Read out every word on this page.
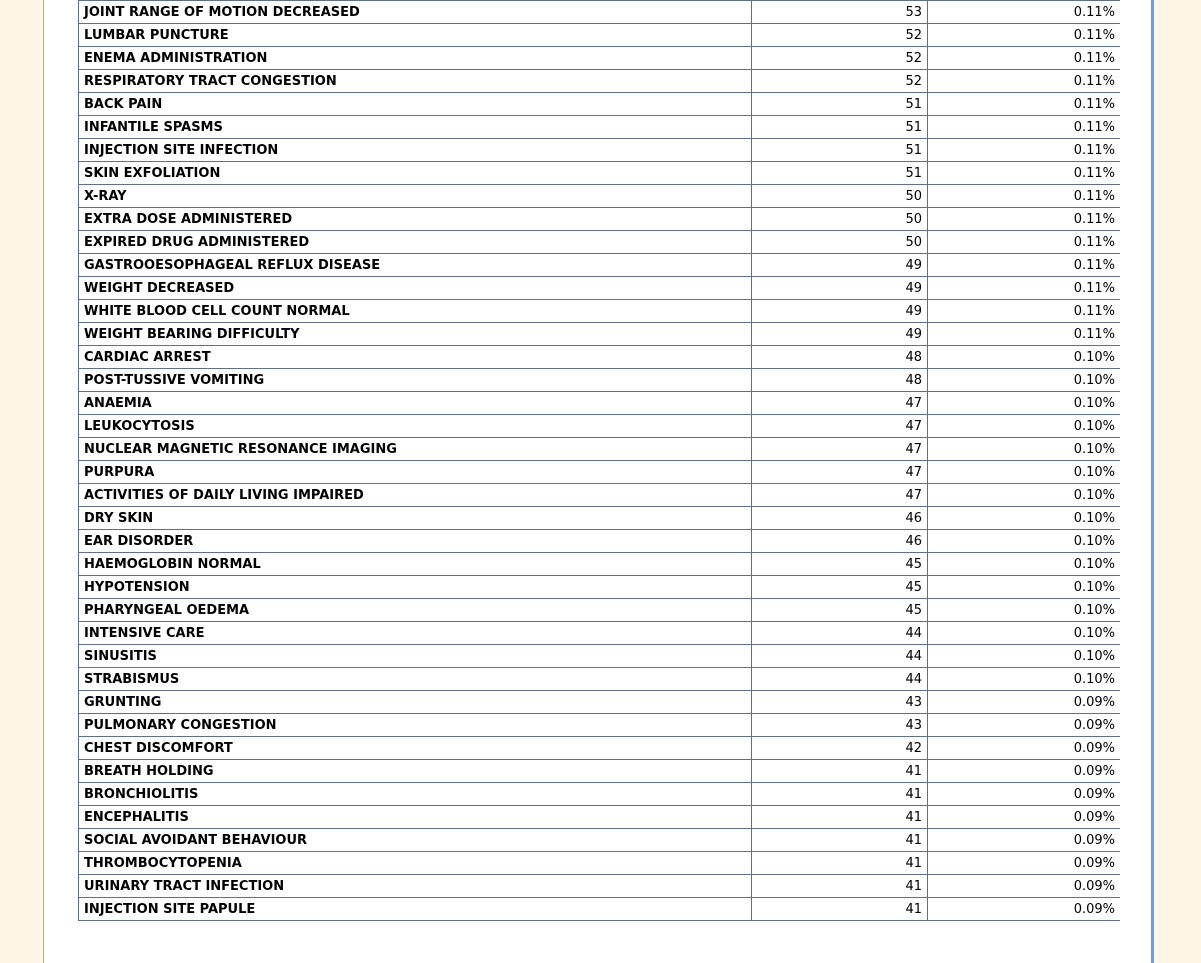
JOINT RANGE OF MOTION DECREASED	53	0.11%
LUMBAR PUNCTURE	52	0.11%
ENEMA ADMINISTRATION	52	0.11%
RESPIRATORY TRACT CONGESTION	52	0.11%
BACK PAIN	51	0.11%
INFANTILE SPASMS	51	0.11%
INJECTION SITE INFECTION	51	0.11%
SKIN EXFOLIATION	51	0.11%
X-RAY	50	0.11%
EXTRA DOSE ADMINISTERED	50	0.11%
EXPIRED DRUG ADMINISTERED	50	0.11%
GASTROOESOPHAGEAL REFLUX DISEASE	49	0.11%
WEIGHT DECREASED	49	0.11%
WHITE BLOOD CELL COUNT NORMAL	49	0.11%
WEIGHT BEARING DIFFICULTY	49	0.11%
CARDIAC ARREST	48	0.10%
POST-TUSSIVE VOMITING	48	0.10%
ANAEMIA	47	0.10%
LEUKOCYTOSIS	47	0.10%
NUCLEAR MAGNETIC RESONANCE IMAGING	47	0.10%
PURPURA	47	0.10%
ACTIVITIES OF DAILY LIVING IMPAIRED	47	0.10%
DRY SKIN	46	0.10%
EAR DISORDER	46	0.10%
HAEMOGLOBIN NORMAL	45	0.10%
HYPOTENSION	45	0.10%
PHARYNGEAL OEDEMA	45	0.10%
INTENSIVE CARE	44	0.10%
SINUSITIS	44	0.10%
STRABISMUS	44	0.10%
GRUNTING	43	0.09%
PULMONARY CONGESTION	43	0.09%
CHEST DISCOMFORT	42	0.09%
BREATH HOLDING	41	0.09%
BRONCHIOLITIS	41	0.09%
ENCEPHALITIS	41	0.09%
SOCIAL AVOIDANT BEHAVIOUR	41	0.09%
THROMBOCYTOPENIA	41	0.09%
URINARY TRACT INFECTION	41	0.09%
INJECTION SITE PAPULE	41	0.09%
